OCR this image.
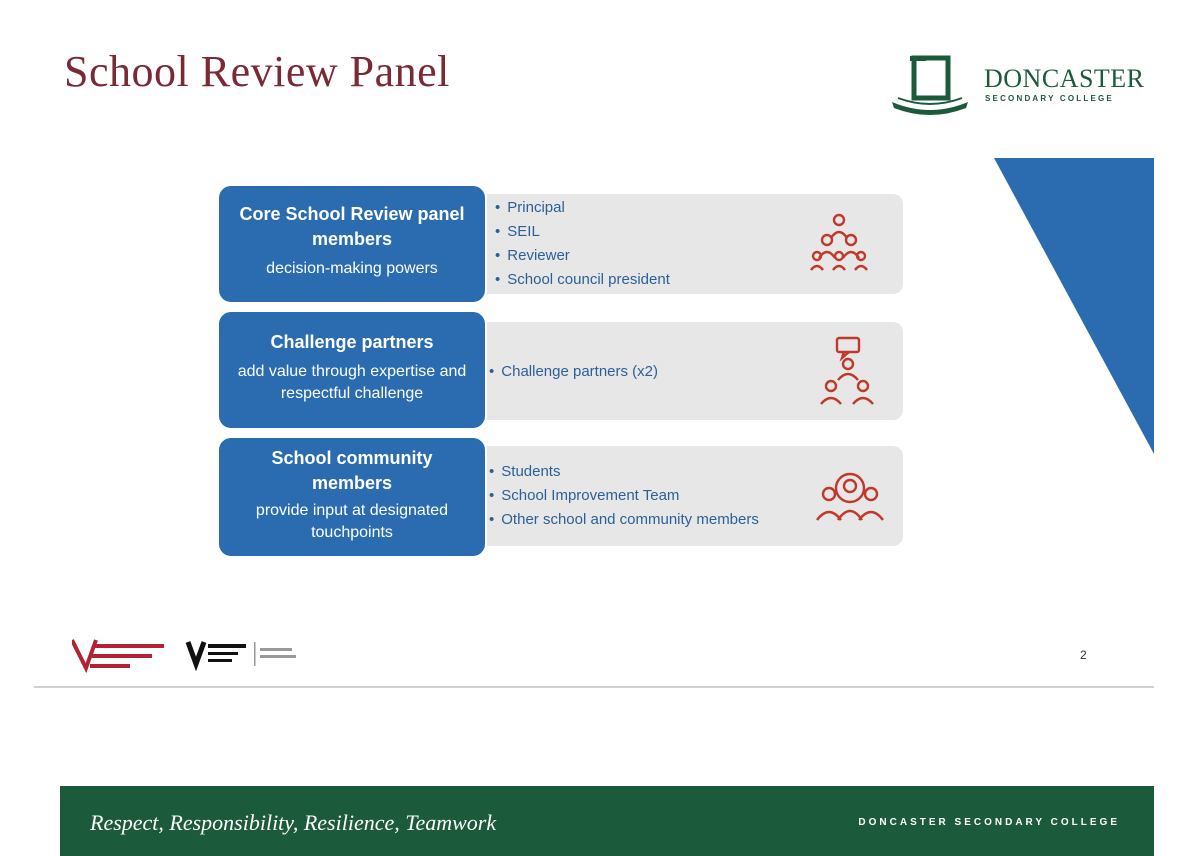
School Review Panel	DONCASTER
SECONDARY COLLEGE
Core School Review panel members
decision-making powers
• Principal
• SEIL
• Reviewer
• School council president
Challenge partners
add value through expertise and respectful challenge
• Challenge partners (x2)
School community members
provide input at designated touchpoints
• Students
• School Improvement Team
• Other school and community members
2
Respect, Responsibility, Resilience, Teamwork	DONCASTER SECONDARY COLLEGE
